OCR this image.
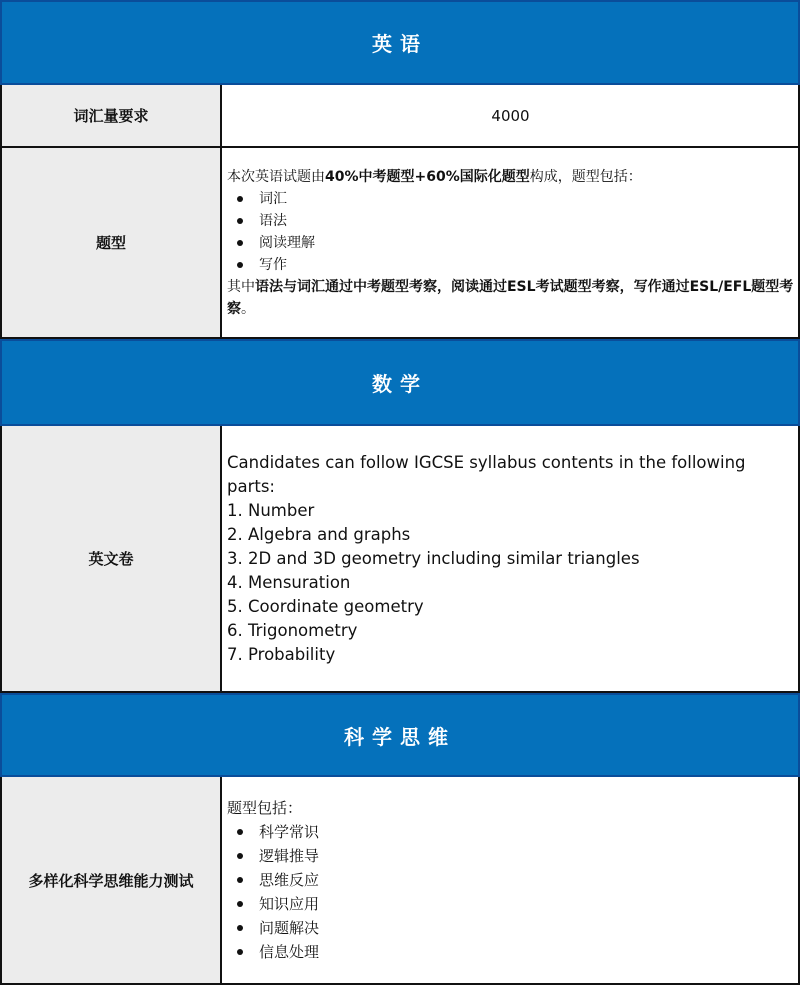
英语
词汇量要求	4000
题型
本次英语试题由40%中考题型+60%国际化题型构成，题型包括：
词汇
语法
阅读理解
写作
其中语法与词汇通过中考题型考察，阅读通过ESL考试题型考察，写作通过ESL/EFL题型考察。
数学
英文卷
Candidates can follow IGCSE syllabus contents in the following parts:
1. Number
2. Algebra and graphs
3. 2D and 3D geometry including similar triangles
4. Mensuration
5. Coordinate geometry
6. Trigonometry
7. Probability
科学思维
多样化科学思维能力测试
题型包括：
科学常识
逻辑推导
思维反应
知识应用
问题解决
信息处理
